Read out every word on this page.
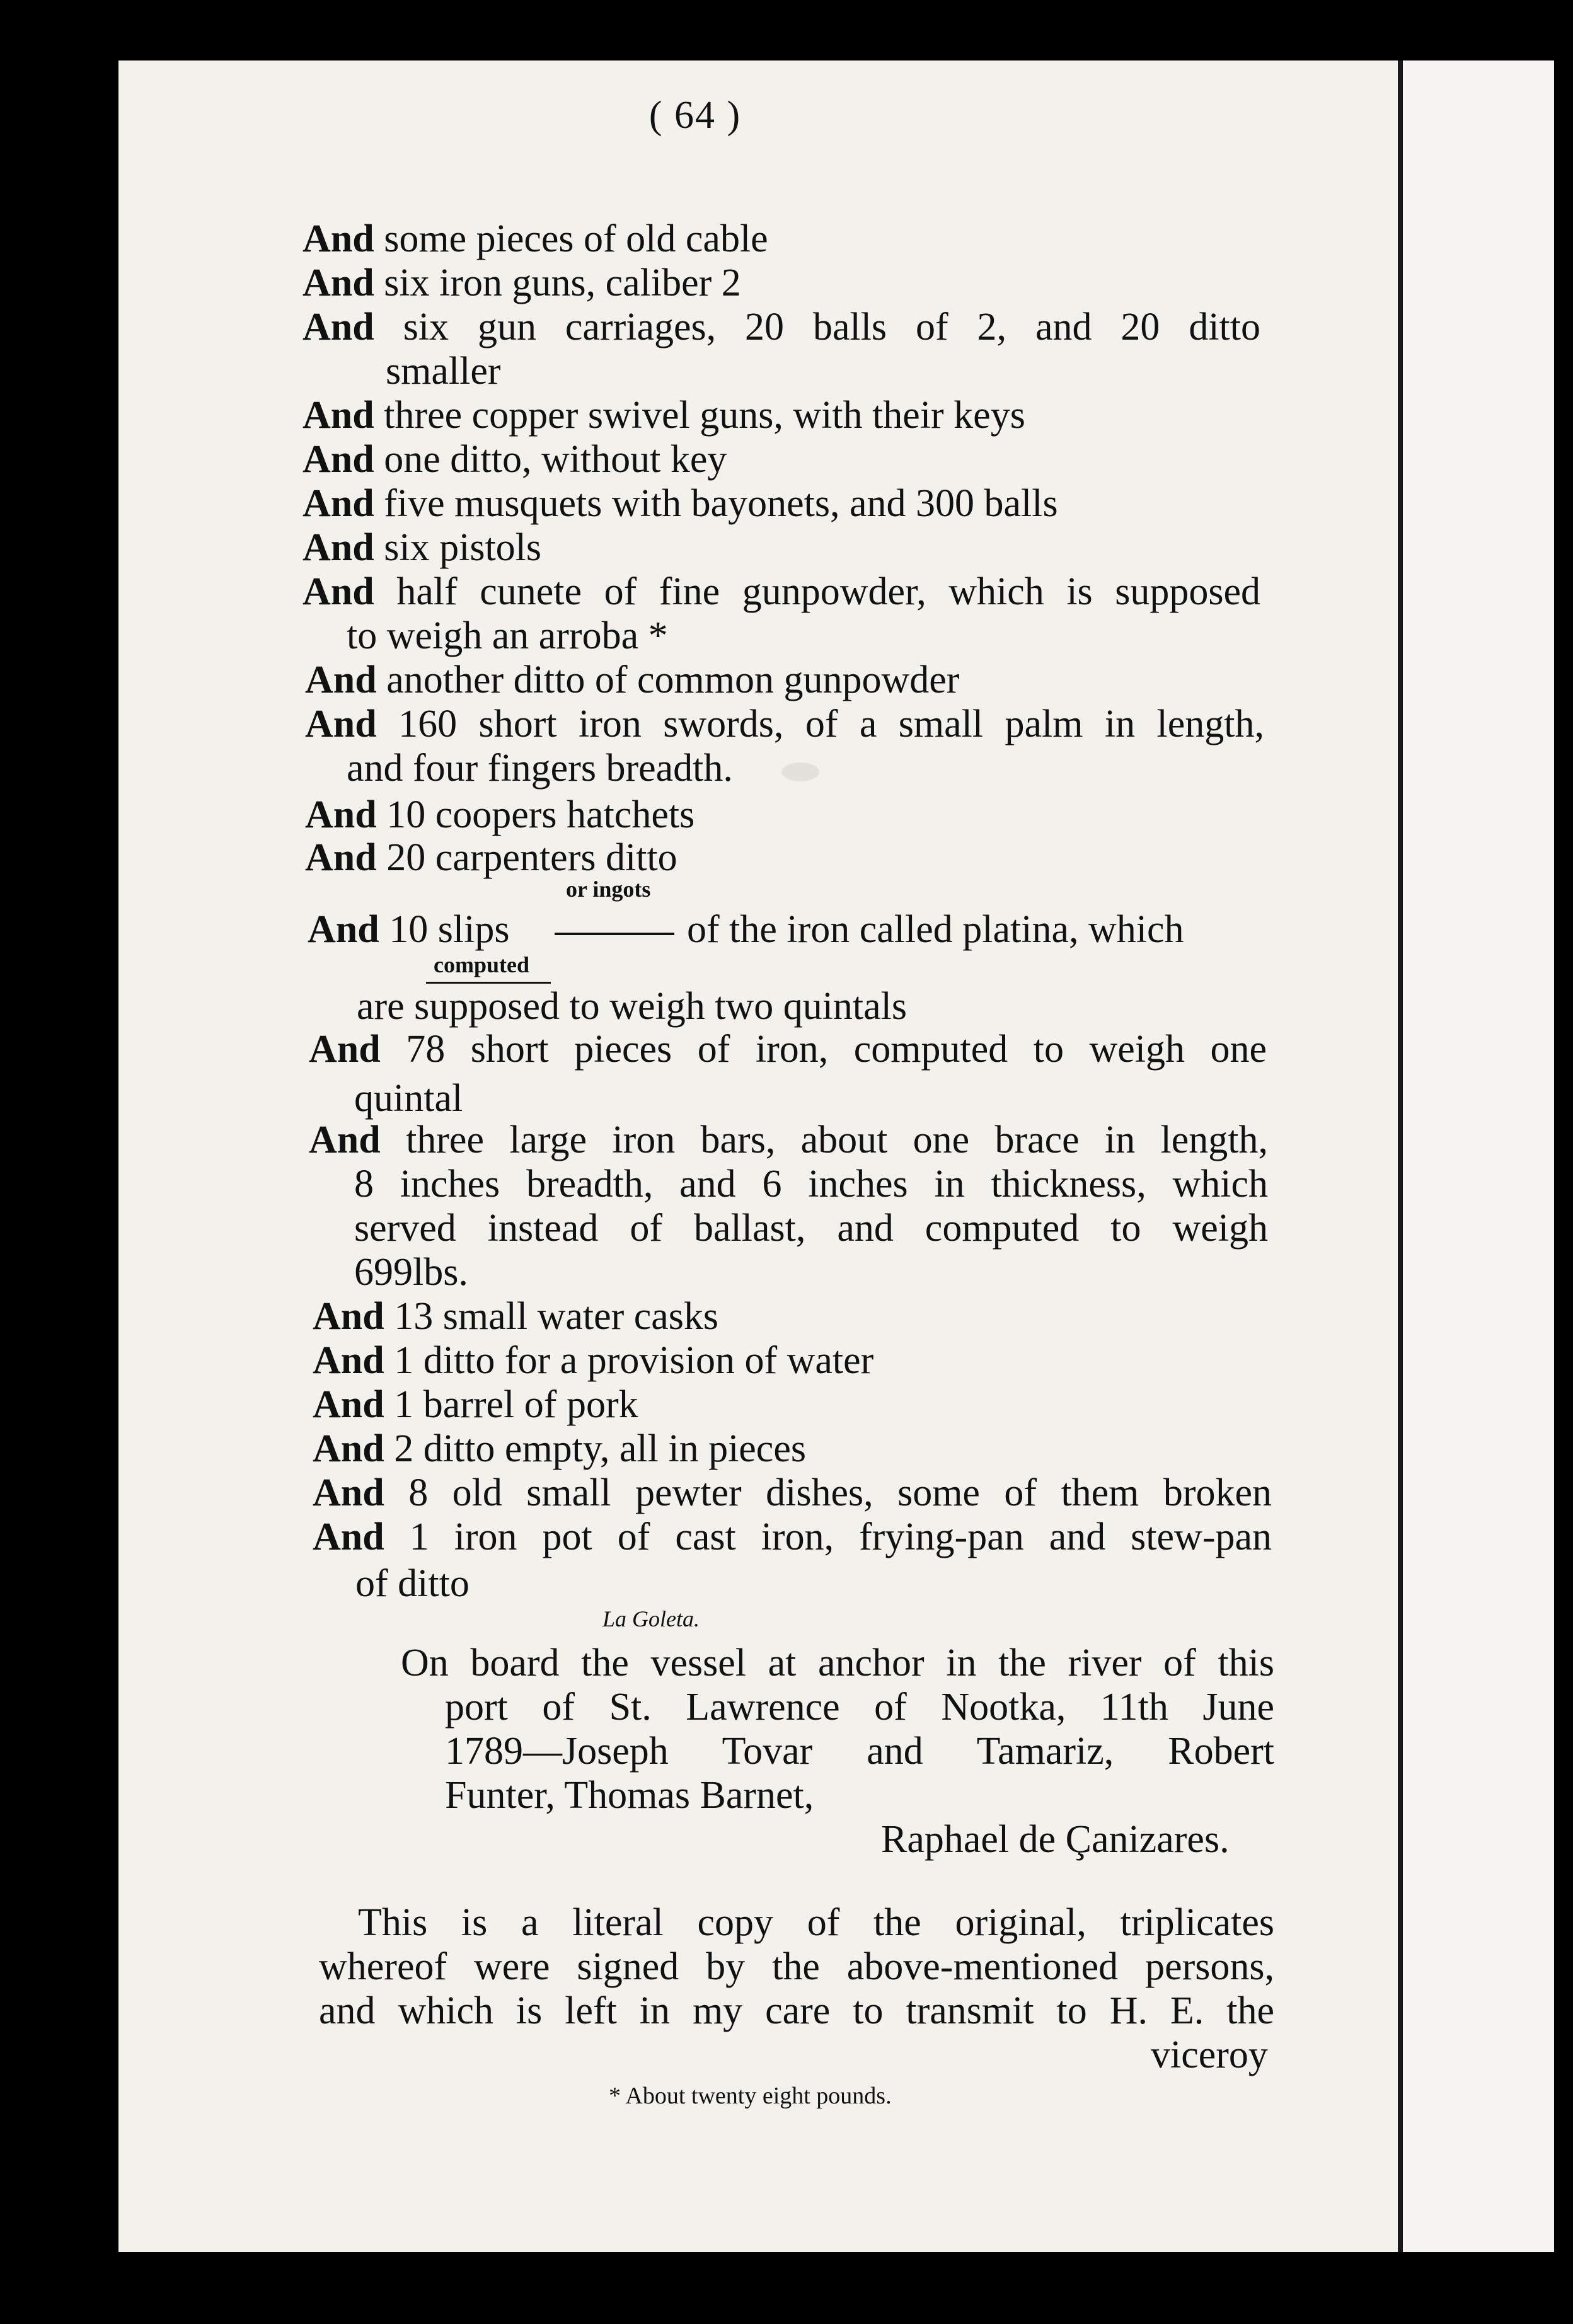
( 64 )
And some pieces of old cable
And six iron guns, caliber 2
And six gun carriages, 20 balls of 2, and 20 ditto
smaller
And three copper swivel guns, with their keys
And one ditto, without key
And five musquets with bayonets, and 300 balls
And six pistols
And half cunete of fine gunpowder, which is supposed
to weigh an arroba *
And another ditto of common gunpowder
And 160 short iron swords, of a small palm in length,
and four fingers breadth.
And 10 coopers hatchets
And 20 carpenters ditto
or ingots
And 10 slips	of the iron called platina, which
computed
are supposed to weigh two quintals
And 78 short pieces of iron, computed to weigh one
quintal
And three large iron bars, about one brace in length,
8 inches breadth, and 6 inches in thickness, which
served instead of ballast, and computed to weigh
699lbs.
And 13 small water casks
And 1 ditto for a provision of water
And 1 barrel of pork
And 2 ditto empty, all in pieces
And 8 old small pewter dishes, some of them broken
And 1 iron pot of cast iron, frying-pan and stew-pan
of ditto
La Goleta.
On board the vessel at anchor in the river of this
port of St. Lawrence of Nootka, 11th June
1789—Joseph Tovar and Tamariz, Robert
Funter, Thomas Barnet,
Raphael de Çanizares.
This is a literal copy of the original, triplicates
whereof were signed by the above-mentioned persons,
and which is left in my care to transmit to H. E. the
viceroy
* About twenty eight pounds.
